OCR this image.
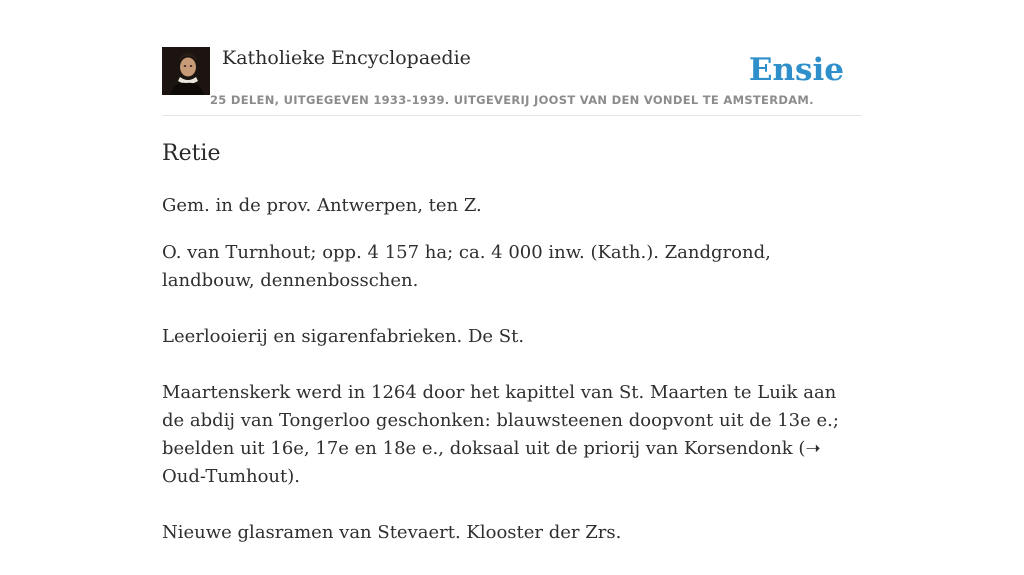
Katholieke Encyclopaedie
25 DELEN, UITGEGEVEN 1933-1939. UITGEVERIJ JOOST VAN DEN VONDEL TE AMSTERDAM.
Ensie
Retie

Gem. in de prov. Antwerpen, ten Z.

O. van Turnhout; opp. 4 157 ha; ca. 4 000 inw. (Kath.). Zandgrond, landbouw, dennenbosschen.

Leerlooierij en sigarenfabrieken. De St.

Maartenskerk werd in 1264 door het kapittel van St. Maarten te Luik aan de abdij van Tongerloo geschonken: blauwsteenen doopvont uit de 13e e.; beelden uit 16e, 17e en 18e e., doksaal uit de priorij van Korsendonk (➝ Oud-Tumhout).

Nieuwe glasramen van Stevaert. Klooster der Zrs.
